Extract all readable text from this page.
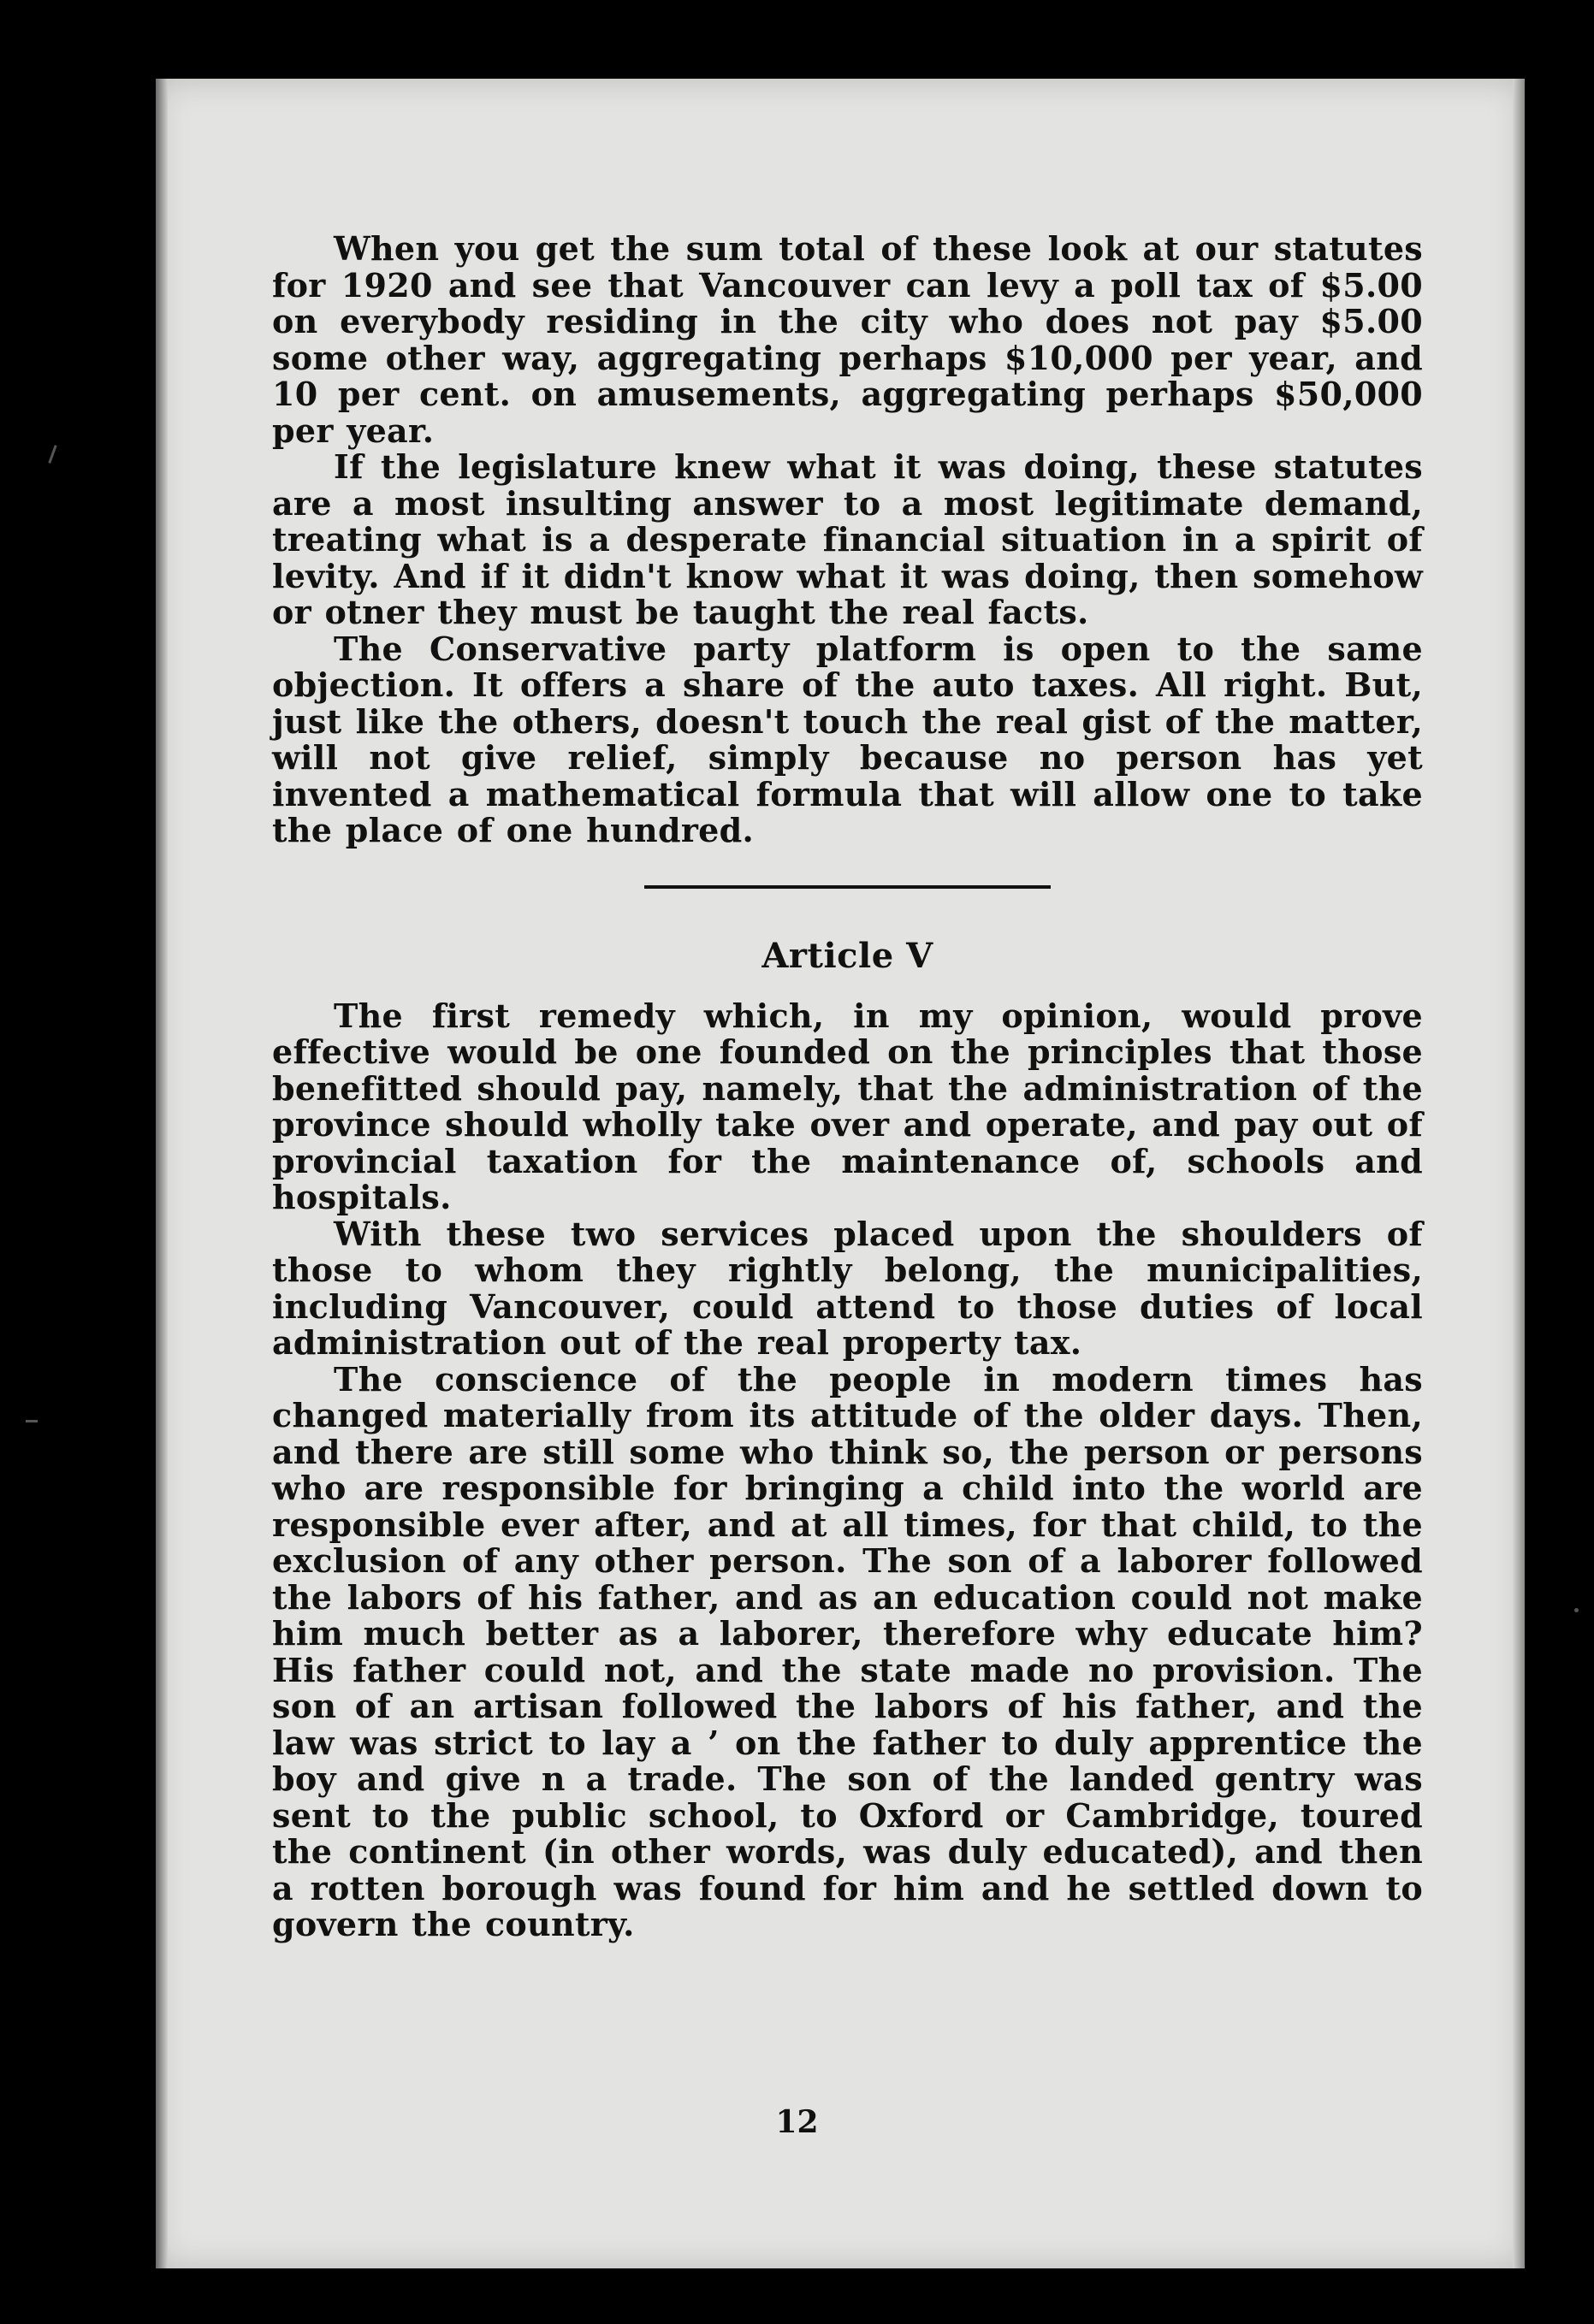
When you get the sum total of these look at our statutes for 1920 and see that Vancouver can levy a poll tax of $5.00 on everybody residing in the city who does not pay $5.00 some other way, aggregating perhaps $10,000 per year, and 10 per cent. on amusements, aggregating perhaps $50,000 per year.

If the legislature knew what it was doing, these statutes are a most insulting answer to a most legitimate demand, treating what is a desperate financial situation in a spirit of levity. And if it didn't know what it was doing, then somehow or otner they must be taught the real facts.

The Conservative party platform is open to the same objection. It offers a share of the auto taxes. All right. But, just like the others, doesn't touch the real gist of the matter, will not give relief, simply because no person has yet invented a mathematical formula that will allow one to take the place of one hundred.

Article V

The first remedy which, in my opinion, would prove effective would be one founded on the principles that those benefitted should pay, namely, that the administration of the province should wholly take over and operate, and pay out of provincial taxation for the maintenance of, schools and hospitals.

With these two services placed upon the shoulders of those to whom they rightly belong, the municipalities, including Vancouver, could attend to those duties of local administration out of the real property tax.

The conscience of the people in modern times has changed materially from its attitude of the older days. Then, and there are still some who think so, the person or persons who are responsible for bringing a child into the world are responsible ever after, and at all times, for that child, to the exclusion of any other person. The son of a laborer followed the labors of his father, and as an education could not make him much better as a laborer, therefore why educate him? His father could not, and the state made no provision. The son of an artisan followed the labors of his father, and the law was strict to lay a ’ on the father to duly apprentice the boy and give n a trade. The son of the landed gentry was sent to the public school, to Oxford or Cambridge, toured the continent (in other words, was duly educated), and then a rotten borough was found for him and he settled down to govern the country.

12
